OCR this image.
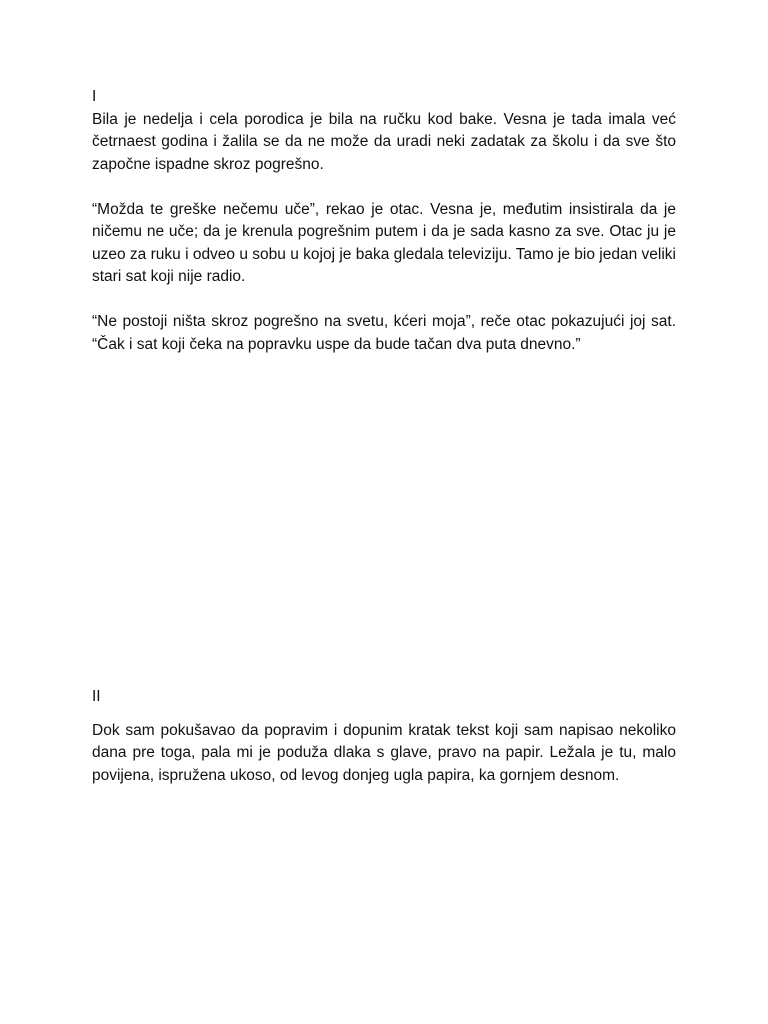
I

Bila je nedelja i cela porodica je bila na ručku kod bake. Vesna je tada imala već četrnaest godina i žalila se da ne može da uradi neki zadatak za školu i da sve što započne ispadne skroz pogrešno.

“Možda te greške nečemu uče”, rekao je otac. Vesna je, međutim insistirala da je ničemu ne uče; da je krenula pogrešnim putem i da je sada kasno za sve. Otac ju je uzeo za ruku i odveo u sobu u kojoj je baka gledala televiziju. Tamo je bio jedan veliki stari sat koji nije radio.

“Ne postoji ništa skroz pogrešno na svetu, kćeri moja”, reče otac pokazujući joj sat. “Čak i sat koji čeka na popravku uspe da bude tačan dva puta dnevno.”

II

Dok sam pokušavao da popravim i dopunim kratak tekst koji sam napisao nekoliko dana pre toga, pala mi je poduža dlaka s glave, pravo na papir. Ležala je tu, malo povijena, ispružena ukoso, od levog donjeg ugla papira, ka gornjem desnom.
